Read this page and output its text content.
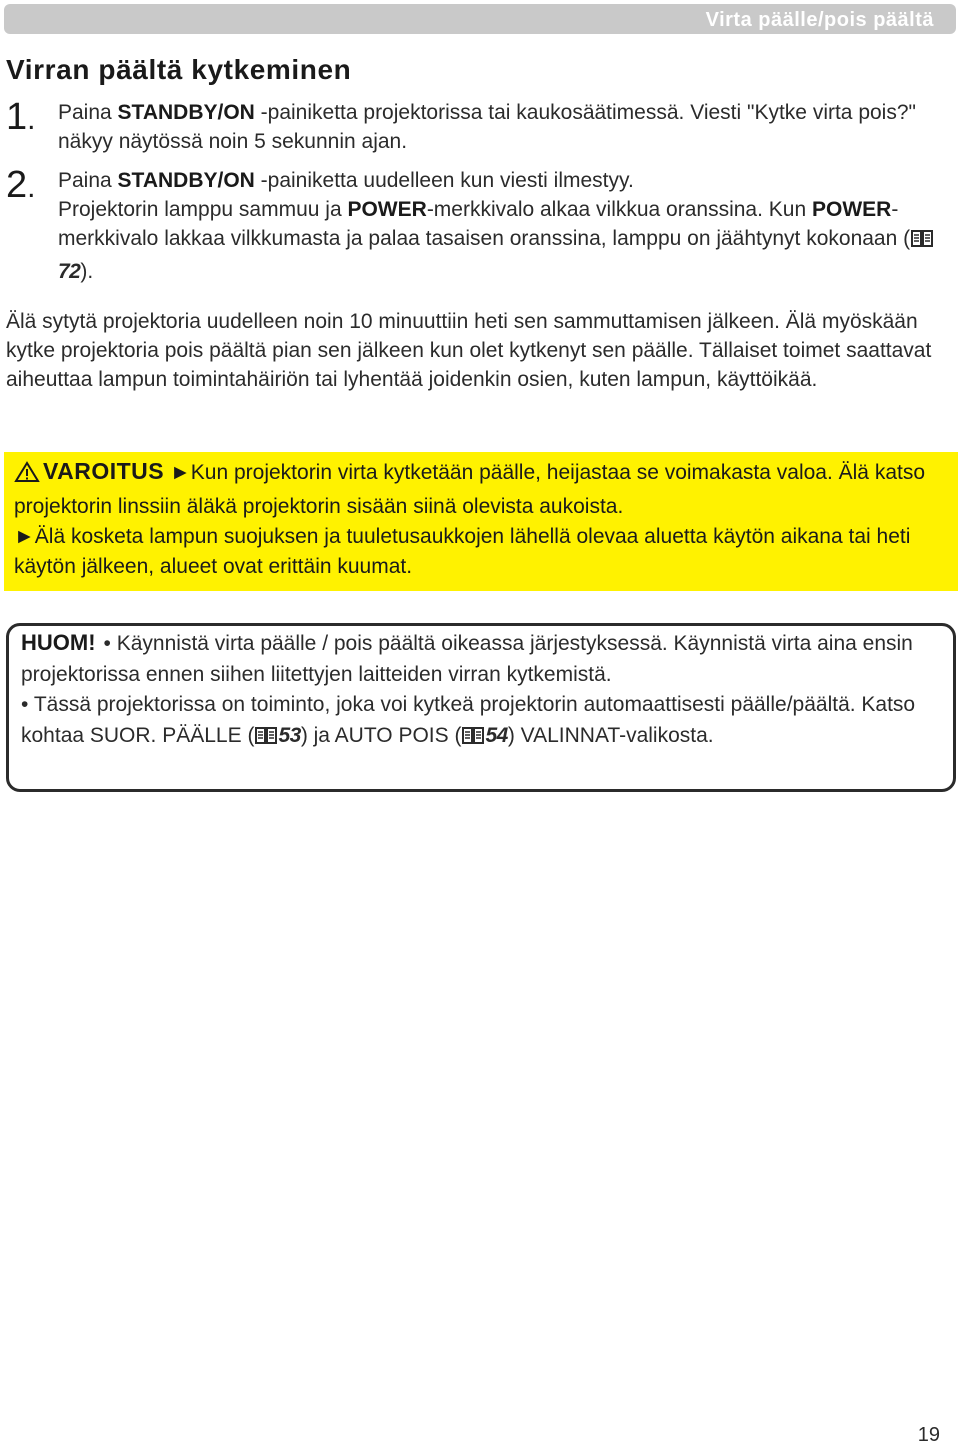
Virta päälle/pois päältä
Virran päältä kytkeminen
1. Paina STANDBY/ON -painiketta projektorissa tai kaukosäätimessä. Viesti "Kytke virta pois?" näkyy näytössä noin 5 sekunnin ajan.
2. Paina STANDBY/ON -painiketta uudelleen kun viesti ilmestyy.
Projektorin lamppu sammuu ja POWER-merkkivalo alkaa vilkkua oranssina. Kun POWER-merkkivalo lakkaa vilkkumasta ja palaa tasaisen oranssina, lamppu on jäähtynyt kokonaan (72).
Älä sytytä projektoria uudelleen noin 10 minuuttiin heti sen sammuttamisen jälkeen. Älä myöskään kytke projektoria pois päältä pian sen jälkeen kun olet kytkenyt sen päälle. Tällaiset toimet saattavat aiheuttaa lampun toimintahäiriön tai lyhentää joidenkin osien, kuten lampun, käyttöikää.
VAROITUS ►Kun projektorin virta kytketään päälle, heijastaa se voimakasta valoa. Älä katso projektorin linssiin äläkä projektorin sisään siinä olevista aukoista.
►Älä kosketa lampun suojuksen ja tuuletusaukkojen lähellä olevaa aluetta käytön aikana tai heti käytön jälkeen, alueet ovat erittäin kuumat.
HUOM! • Käynnistä virta päälle / pois päältä oikeassa järjestyksessä. Käynnistä virta aina ensin projektorissa ennen siihen liitettyjen laitteiden virran kytkemistä.
• Tässä projektorissa on toiminto, joka voi kytkeä projektorin automaattisesti päälle/päältä. Katso kohtaa SUOR. PÄÄLLE ( 53) ja AUTO POIS ( 54) VALINNAT-valikosta.
19
